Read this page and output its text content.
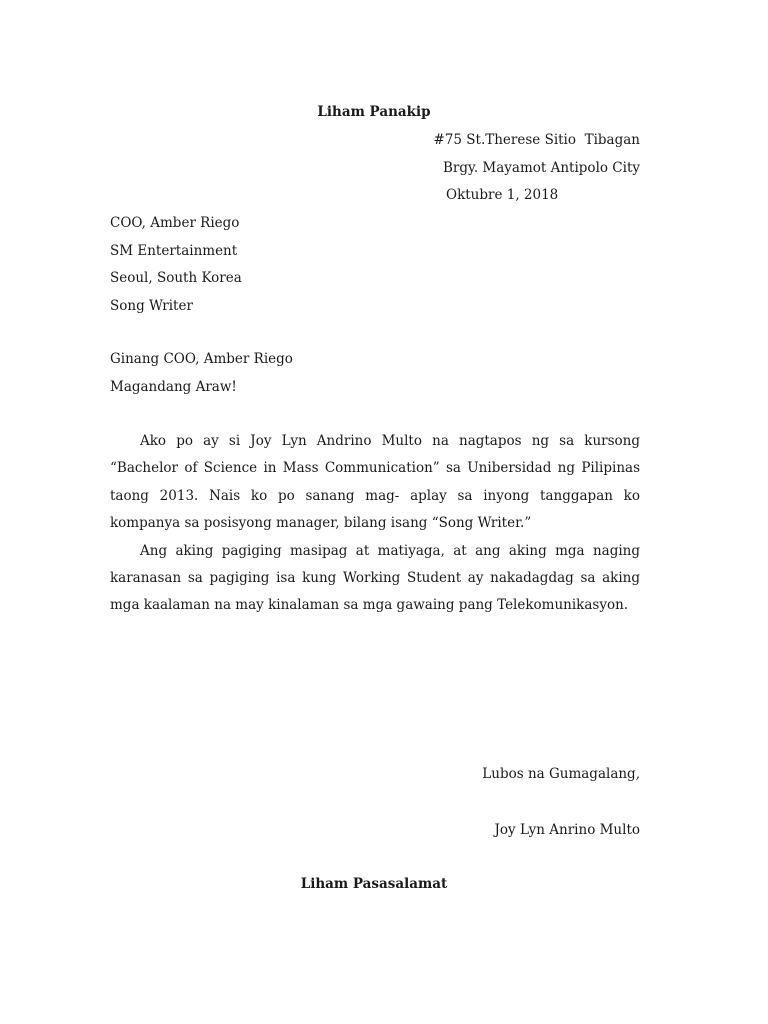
Liham Panakip
#75 St.Therese Sitio  Tibagan
Brgy. Mayamot Antipolo City
Oktubre 1, 2018
COO, Amber Riego
SM Entertainment
Seoul, South Korea
Song Writer
Ginang COO, Amber Riego
Magandang Araw!

Ako po ay si Joy Lyn Andrino Multo na nagtapos ng sa kursong “Bachelor of Science in Mass Communication” sa Unibersidad ng Pilipinas taong 2013. Nais ko po sanang mag- aplay sa inyong tanggapan ko kompanya sa posisyong manager, bilang isang “Song Writer.”

Ang aking pagiging masipag at matiyaga, at ang aking mga naging karanasan sa pagiging isa kung Working Student ay nakadagdag sa aking mga kaalaman na may kinalaman sa mga gawaing pang Telekomunikasyon.

Lubos na Gumagalang,
Joy Lyn Anrino Multo
Liham Pasasalamat
